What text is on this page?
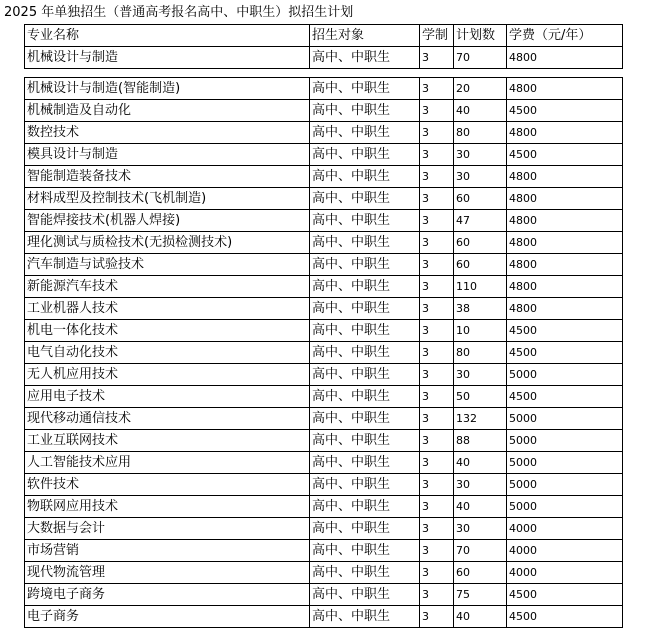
2025 年单独招生（普通高考报名高中、中职生）拟招生计划
专业名称	招生对象	学制	计划数	学费（元/年）
机械设计与制造	高中、中职生	3	70	4800
机械设计与制造(智能制造)	高中、中职生	3	20	4800
机械制造及自动化	高中、中职生	3	40	4500
数控技术	高中、中职生	3	80	4800
模具设计与制造	高中、中职生	3	30	4500
智能制造装备技术	高中、中职生	3	30	4800
材料成型及控制技术(飞机制造)	高中、中职生	3	60	4800
智能焊接技术(机器人焊接)	高中、中职生	3	47	4800
理化测试与质检技术(无损检测技术)	高中、中职生	3	60	4800
汽车制造与试验技术	高中、中职生	3	60	4800
新能源汽车技术	高中、中职生	3	110	4800
工业机器人技术	高中、中职生	3	38	4800
机电一体化技术	高中、中职生	3	10	4500
电气自动化技术	高中、中职生	3	80	4500
无人机应用技术	高中、中职生	3	30	5000
应用电子技术	高中、中职生	3	50	4500
现代移动通信技术	高中、中职生	3	132	5000
工业互联网技术	高中、中职生	3	88	5000
人工智能技术应用	高中、中职生	3	40	5000
软件技术	高中、中职生	3	30	5000
物联网应用技术	高中、中职生	3	40	5000
大数据与会计	高中、中职生	3	30	4000
市场营销	高中、中职生	3	70	4000
现代物流管理	高中、中职生	3	60	4000
跨境电子商务	高中、中职生	3	75	4500
电子商务	高中、中职生	3	40	4500
